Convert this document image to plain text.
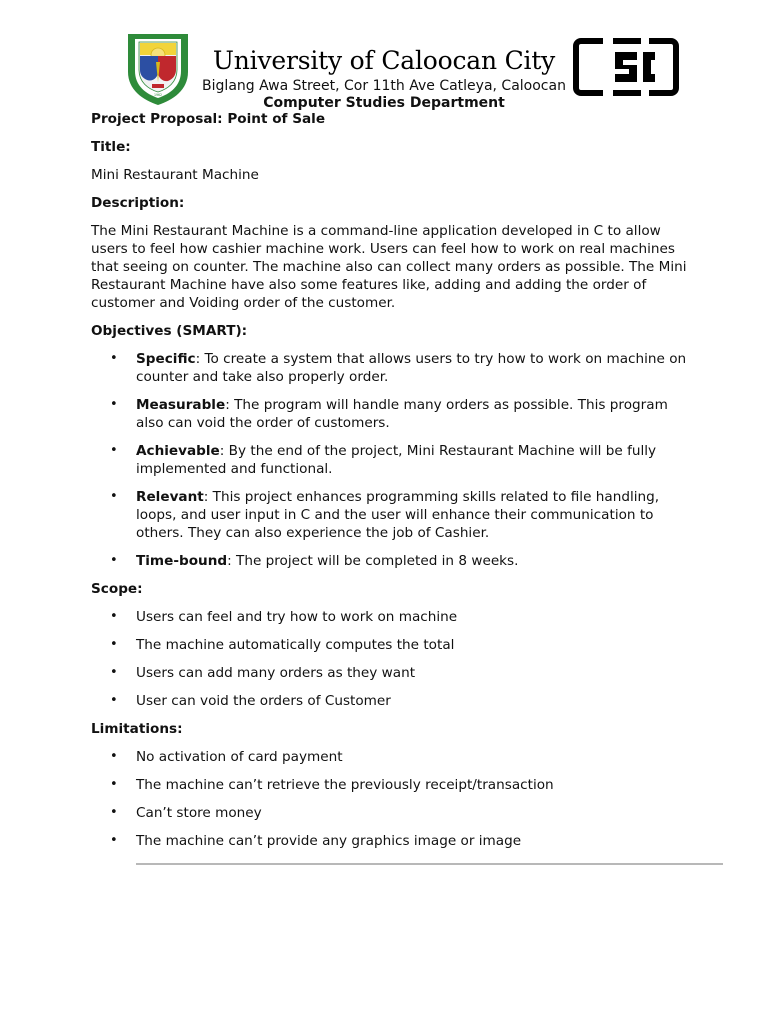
1962
University of Caloocan City
Biglang Awa Street, Cor 11th Ave Catleya, Caloocan
Computer Studies Department

Project Proposal: Point of Sale

Title:

Mini Restaurant Machine

Description:

The Mini Restaurant Machine is a command-line application developed in C to allow users to feel how cashier machine work. Users can feel how to work on real machines that seeing on counter. The machine also can collect many orders as possible. The Mini Restaurant Machine have also some features like, adding and adding the order of customer and Voiding order of the customer.

Objectives (SMART):

• Specific: To create a system that allows users to try how to work on machine on counter and take also properly order.
• Measurable: The program will handle many orders as possible. This program also can void the order of customers.
• Achievable: By the end of the project, Mini Restaurant Machine will be fully implemented and functional.
• Relevant: This project enhances programming skills related to file handling, loops, and user input in C and the user will enhance their communication to others. They can also experience the job of Cashier.
• Time-bound: The project will be completed in 8 weeks.

Scope:

• Users can feel and try how to work on machine
• The machine automatically computes the total
• Users can add many orders as they want
• User can void the orders of Customer

Limitations:

• No activation of card payment
• The machine can’t retrieve the previously receipt/transaction
• Can’t store money
• The machine can’t provide any graphics image or image
